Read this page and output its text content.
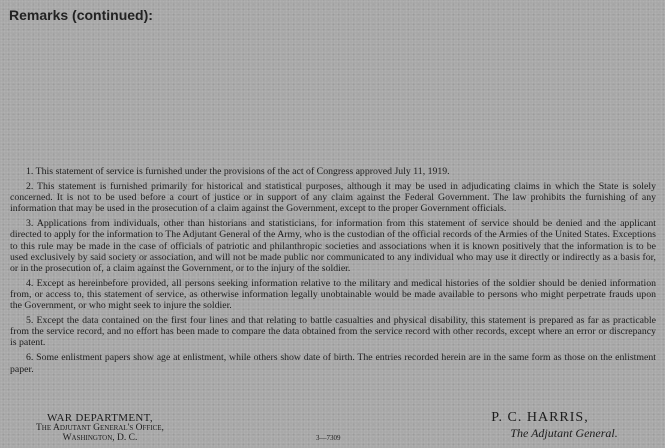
Remarks (continued):

1. This statement of service is furnished under the provisions of the act of Congress approved July 11, 1919.

2. This statement is furnished primarily for historical and statistical purposes, although it may be used in adjudicating claims in which the State is solely concerned. It is not to be used before a court of justice or in support of any claim against the Federal Government. The law prohibits the furnishing of any information that may be used in the prosecution of a claim against the Government, except to the proper Government officials.

3. Applications from individuals, other than historians and statisticians, for information from this statement of service should be denied and the applicant directed to apply for the information to The Adjutant General of the Army, who is the custodian of the official records of the Armies of the United States. Exceptions to this rule may be made in the case of officials of patriotic and philanthropic societies and associations when it is known positively that the information is to be used exclusively by said society or association, and will not be made public nor communicated to any individual who may use it directly or indirectly as a basis for, or in the prosecution of, a claim against the Government, or to the injury of the soldier.

4. Except as hereinbefore provided, all persons seeking information relative to the military and medical histories of the soldier should be denied information from, or access to, this statement of service, as otherwise information legally unobtainable would be made available to persons who might perpetrate frauds upon the Government, or who might seek to injure the soldier.

5. Except the data contained on the first four lines and that relating to battle casualties and physical disability, this statement is prepared as far as practicable from the service record, and no effort has been made to compare the data obtained from the service record with other records, except where an error or discrepancy is patent.

6. Some enlistment papers show age at enlistment, while others show date of birth. The entries recorded herein are in the same form as those on the enlistment paper.

WAR DEPARTMENT,
The Adjutant General's Office,
Washington, D. C.	3—7309
P. C. HARRIS,
The Adjutant General.
